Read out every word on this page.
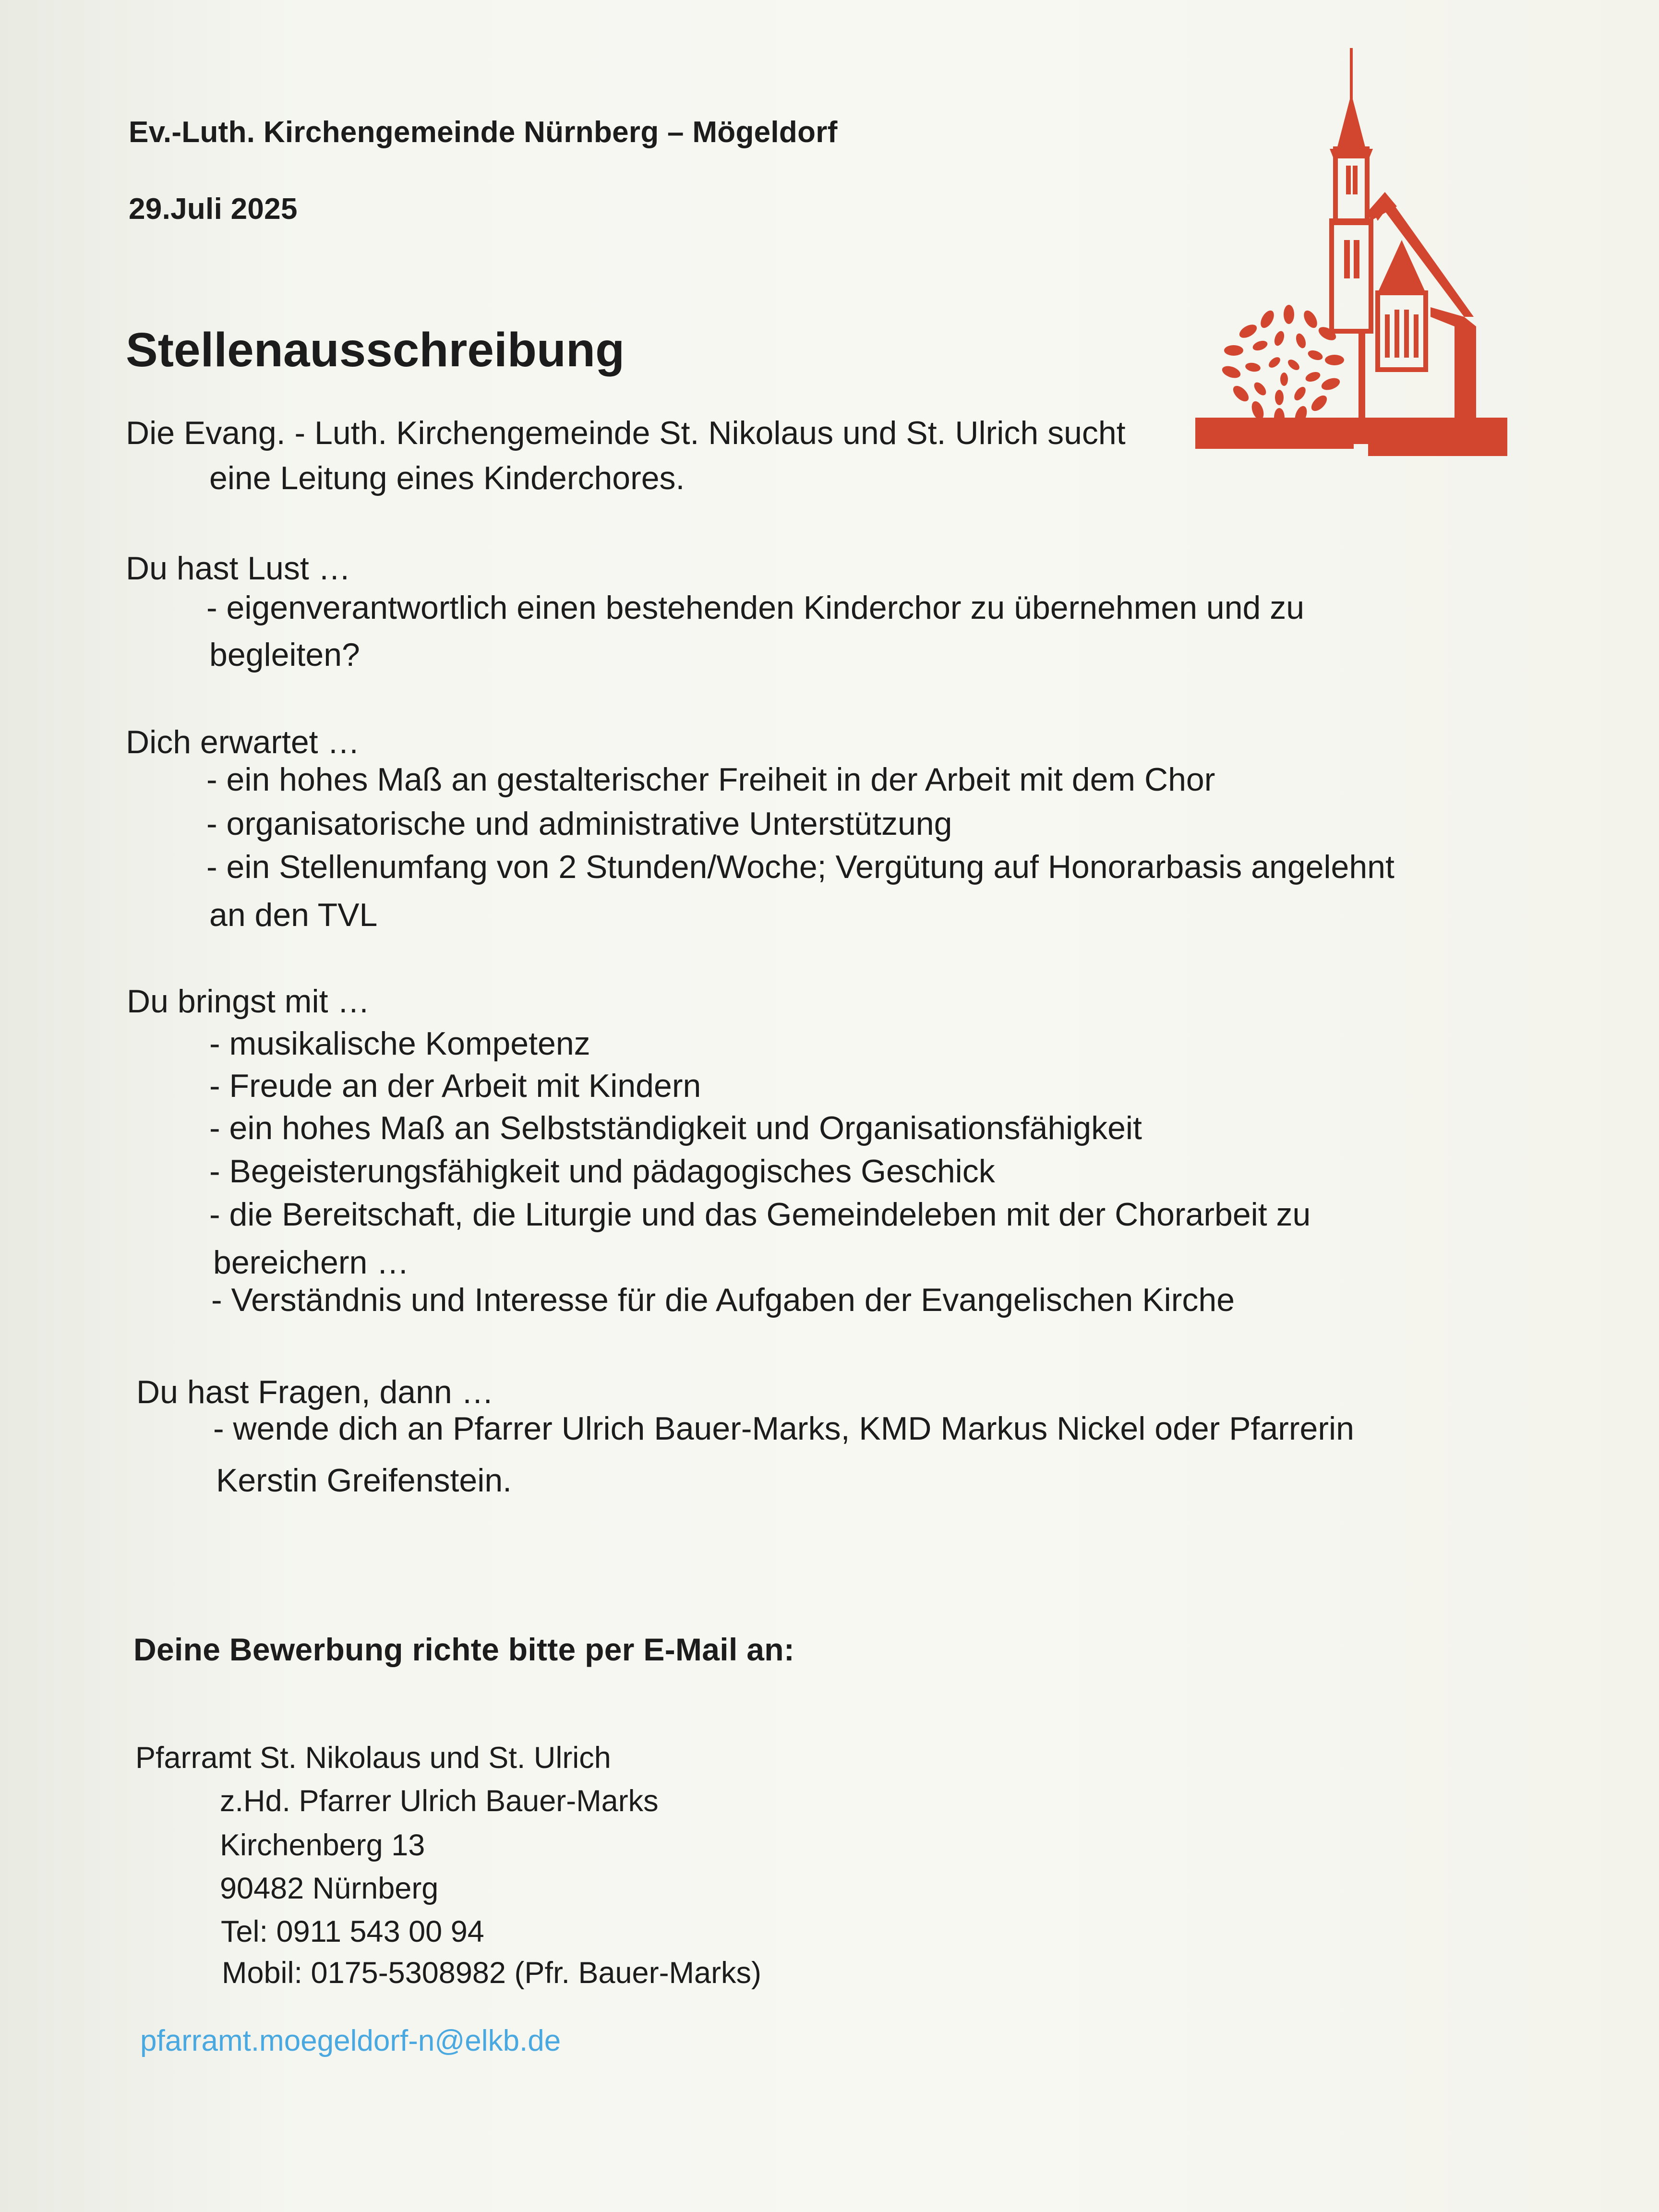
Ev.-Luth. Kirchengemeinde Nürnberg – Mögeldorf
29.Juli 2025
Stellenausschreibung
Die Evang. - Luth. Kirchengemeinde St. Nikolaus und St. Ulrich sucht
eine Leitung eines Kinderchores.
Du hast Lust …
- eigenverantwortlich einen bestehenden Kinderchor zu übernehmen und zu
begleiten?
Dich erwartet …
- ein hohes Maß an gestalterischer Freiheit in der Arbeit mit dem Chor
- organisatorische und administrative Unterstützung
- ein Stellenumfang von 2 Stunden/Woche; Vergütung auf Honorarbasis angelehnt
an den TVL
Du bringst mit …
- musikalische Kompetenz
- Freude an der Arbeit mit Kindern
- ein hohes Maß an Selbstständigkeit und Organisationsfähigkeit
- Begeisterungsfähigkeit und pädagogisches Geschick
- die Bereitschaft, die Liturgie und das Gemeindeleben mit der Chorarbeit zu
bereichern …
- Verständnis und Interesse für die Aufgaben der Evangelischen Kirche
Du hast Fragen, dann …
- wende dich an Pfarrer Ulrich Bauer-Marks, KMD Markus Nickel oder Pfarrerin
Kerstin Greifenstein.
Deine Bewerbung richte bitte per E-Mail an:
Pfarramt St. Nikolaus und St. Ulrich
z.Hd. Pfarrer Ulrich Bauer-Marks
Kirchenberg 13
90482 Nürnberg
Tel: 0911 543 00 94
Mobil: 0175-5308982 (Pfr. Bauer-Marks)
pfarramt.moegeldorf-n@elkb.de
